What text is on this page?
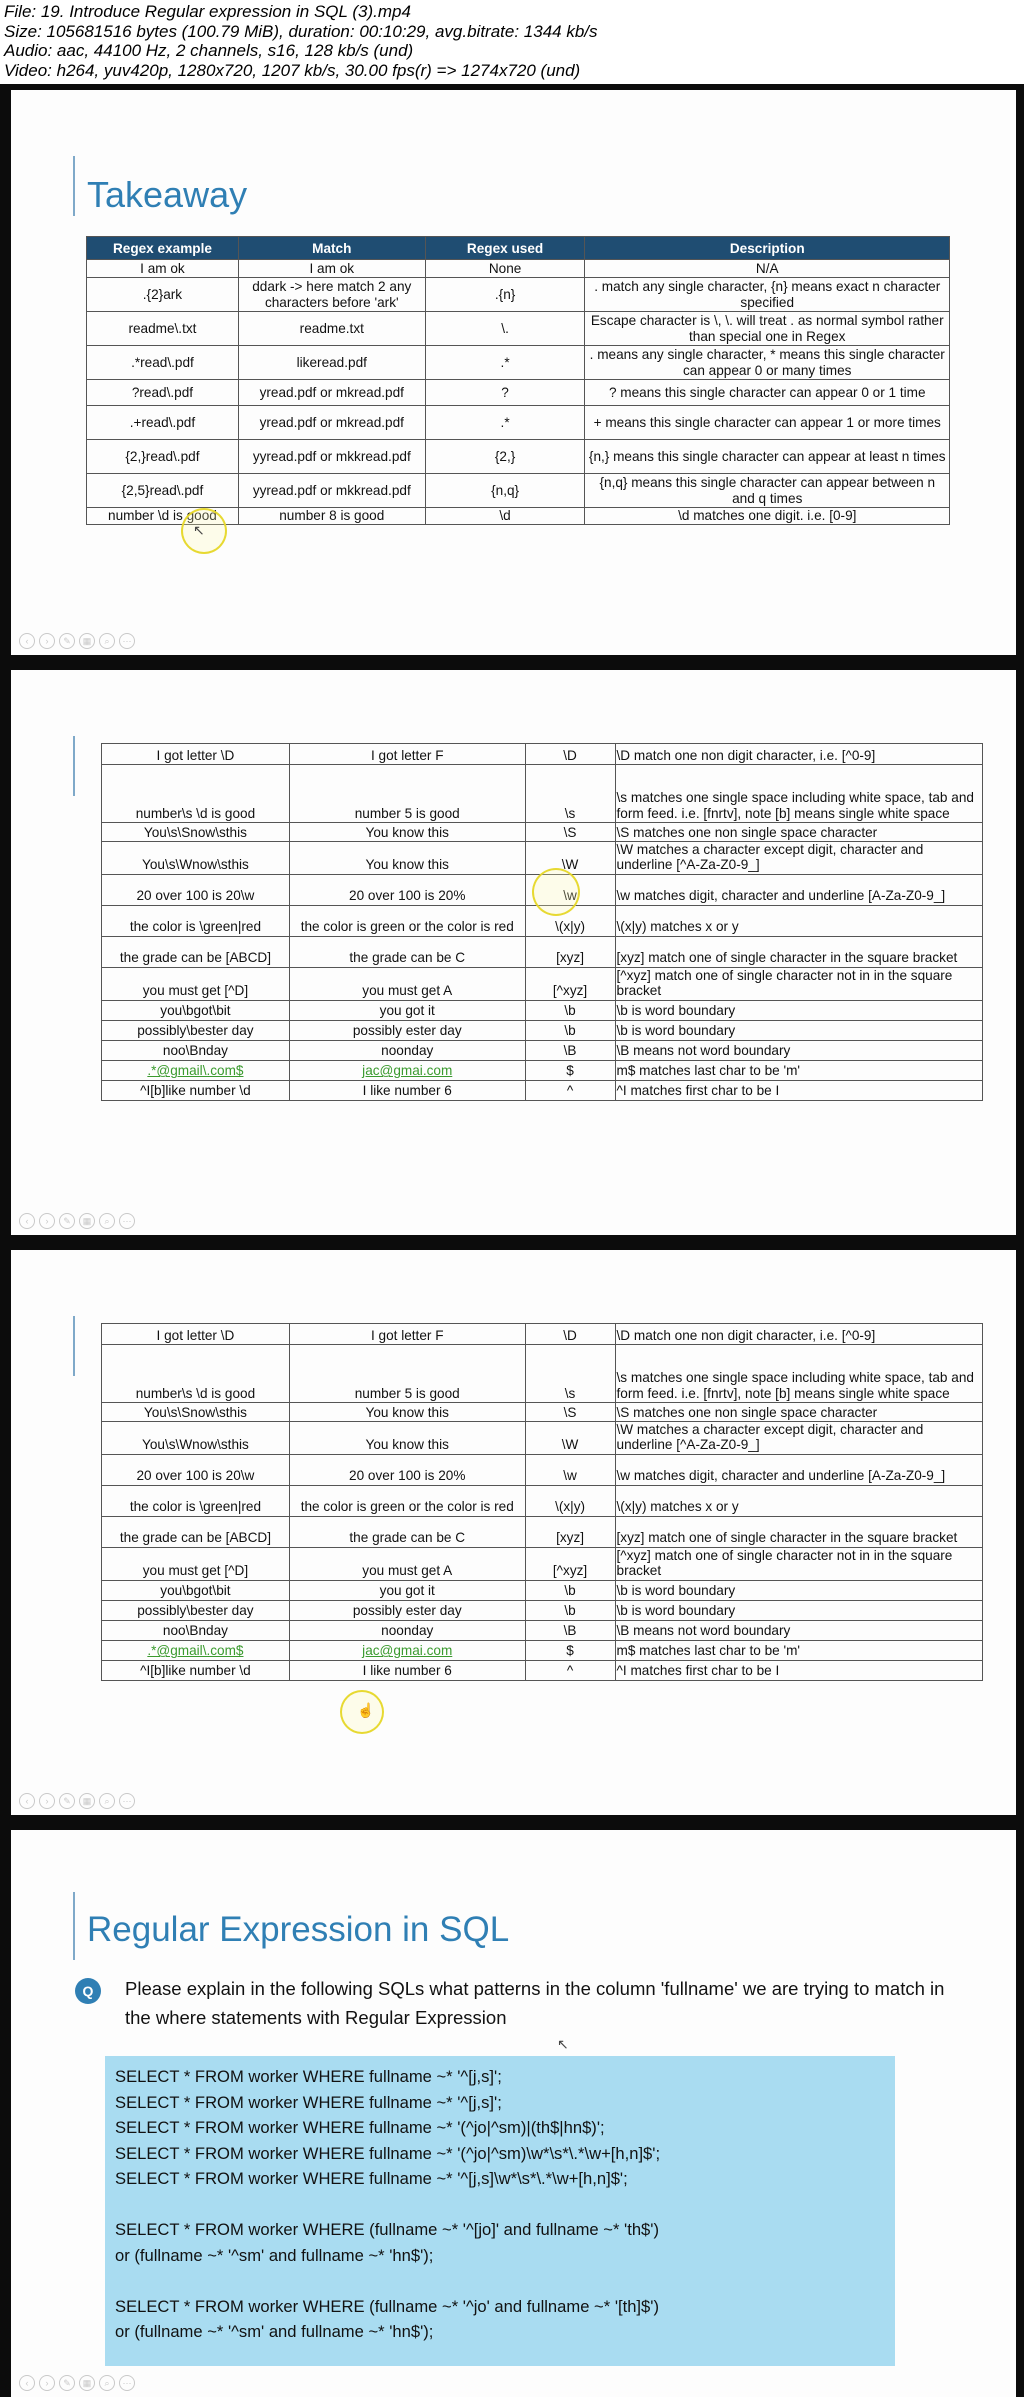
File: 19. Introduce Regular expression in SQL (3).mp4
Size: 105681516 bytes (100.79 MiB), duration: 00:10:29, avg.bitrate: 1344 kb/s
Audio: aac, 44100 Hz, 2 channels, s16, 128 kb/s (und)
Video: h264, yuv420p, 1280x720, 1207 kb/s, 30.00 fps(r) => 1274x720 (und)
Takeaway
Regex example	Match	Regex used	Description
I am ok	I am ok	None	N/A
.{2}ark	ddark -> here match 2 any characters before 'ark'	.{n}	. match any single character, {n} means exact n character specified
readme\.txt	readme.txt	\.	Escape character is \, \. will treat . as normal symbol rather than special one in Regex
.*read\.pdf	likeread.pdf	.*	. means any single character, * means this single character can appear 0 or many times
?read\.pdf	yread.pdf or mkread.pdf	?	? means this single character can appear 0 or 1 time
.+read\.pdf	yread.pdf or mkread.pdf	.*	+ means this single character can appear 1 or more times
{2,}read\.pdf	yyread.pdf or mkkread.pdf	{2,}	{n,} means this single character can appear at least n times
{2,5}read\.pdf	yyread.pdf or mkkread.pdf	{n,q}	{n,q} means this single character can appear between n and q times
number \d is good	number 8 is good	\d	\d matches one digit. i.e. [0-9]
↖
‹	›	✎	▦	⌕	⋯
I got letter \D	I got letter F	\D	\D match one non digit character, i.e. [^0-9]
number\s \d is good	number 5 is good	\s	\s matches one single space including white space, tab and form feed. i.e. [fnrtv], note [b] means single white space
You\s\Snow\sthis	You know this	\S	\S matches one non single space character
You\s\Wnow\sthis	You know this	\W	\W matches a character except digit, character and underline [^A-Za-Z0-9_]
20 over 100 is 20\w	20 over 100 is 20%	\w	\w matches digit, character and underline [A-Za-Z0-9_]
the color is \green|red	the color is green or the color is red	\(x|y)	\(x|y) matches x or y
the grade can be [ABCD]	the grade can be C	[xyz]	[xyz] match one of single character in the square bracket
you must get [^D]	you must get A	[^xyz]	[^xyz] match one of single character not in in the square bracket
you\bgot\bit	you got it	\b	\b is word boundary
possibly\bester day	possibly ester day	\b	\b is word boundary
noo\Bnday	noonday	\B	\B means not word boundary
.*@gmail\.com$	jac@gmai.com	$	m$ matches last char to be 'm'
^I[b]like number \d	I like number 6	^	^I matches first char to be I
‹	›	✎	▦	⌕	⋯
I got letter \D	I got letter F	\D	\D match one non digit character, i.e. [^0-9]
number\s \d is good	number 5 is good	\s	\s matches one single space including white space, tab and form feed. i.e. [fnrtv], note [b] means single white space
You\s\Snow\sthis	You know this	\S	\S matches one non single space character
You\s\Wnow\sthis	You know this	\W	\W matches a character except digit, character and underline [^A-Za-Z0-9_]
20 over 100 is 20\w	20 over 100 is 20%	\w	\w matches digit, character and underline [A-Za-Z0-9_]
the color is \green|red	the color is green or the color is red	\(x|y)	\(x|y) matches x or y
the grade can be [ABCD]	the grade can be C	[xyz]	[xyz] match one of single character in the square bracket
you must get [^D]	you must get A	[^xyz]	[^xyz] match one of single character not in in the square bracket
you\bgot\bit	you got it	\b	\b is word boundary
possibly\bester day	possibly ester day	\b	\b is word boundary
noo\Bnday	noonday	\B	\B means not word boundary
.*@gmail\.com$	jac@gmai.com	$	m$ matches last char to be 'm'
^I[b]like number \d	I like number 6	^	^I matches first char to be I
☝
‹	›	✎	▦	⌕	⋯
Regular Expression in SQL
Q	Please explain in the following SQLs what patterns in the column 'fullname' we are trying to match in the where statements with Regular Expression
↖
SELECT * FROM worker WHERE fullname ~* '^[j,s]';
SELECT * FROM worker WHERE fullname ~* '^[j,s]';
SELECT * FROM worker WHERE fullname ~* '(^jo|^sm)|(th$|hn$)';
SELECT * FROM worker WHERE fullname ~* '(^jo|^sm)\w*\s*\.*\w+[h,n]$';
SELECT * FROM worker WHERE fullname ~* '^[j,s]\w*\s*\.*\w+[h,n]$';
SELECT * FROM worker WHERE (fullname ~* '^[jo]' and fullname ~* 'th$')
or (fullname ~* '^sm' and fullname ~* 'hn$');
SELECT * FROM worker WHERE (fullname ~* '^jo' and fullname ~* '[th]$')
or (fullname ~* '^sm' and fullname ~* 'hn$');
‹	›	✎	▦	⌕	⋯
